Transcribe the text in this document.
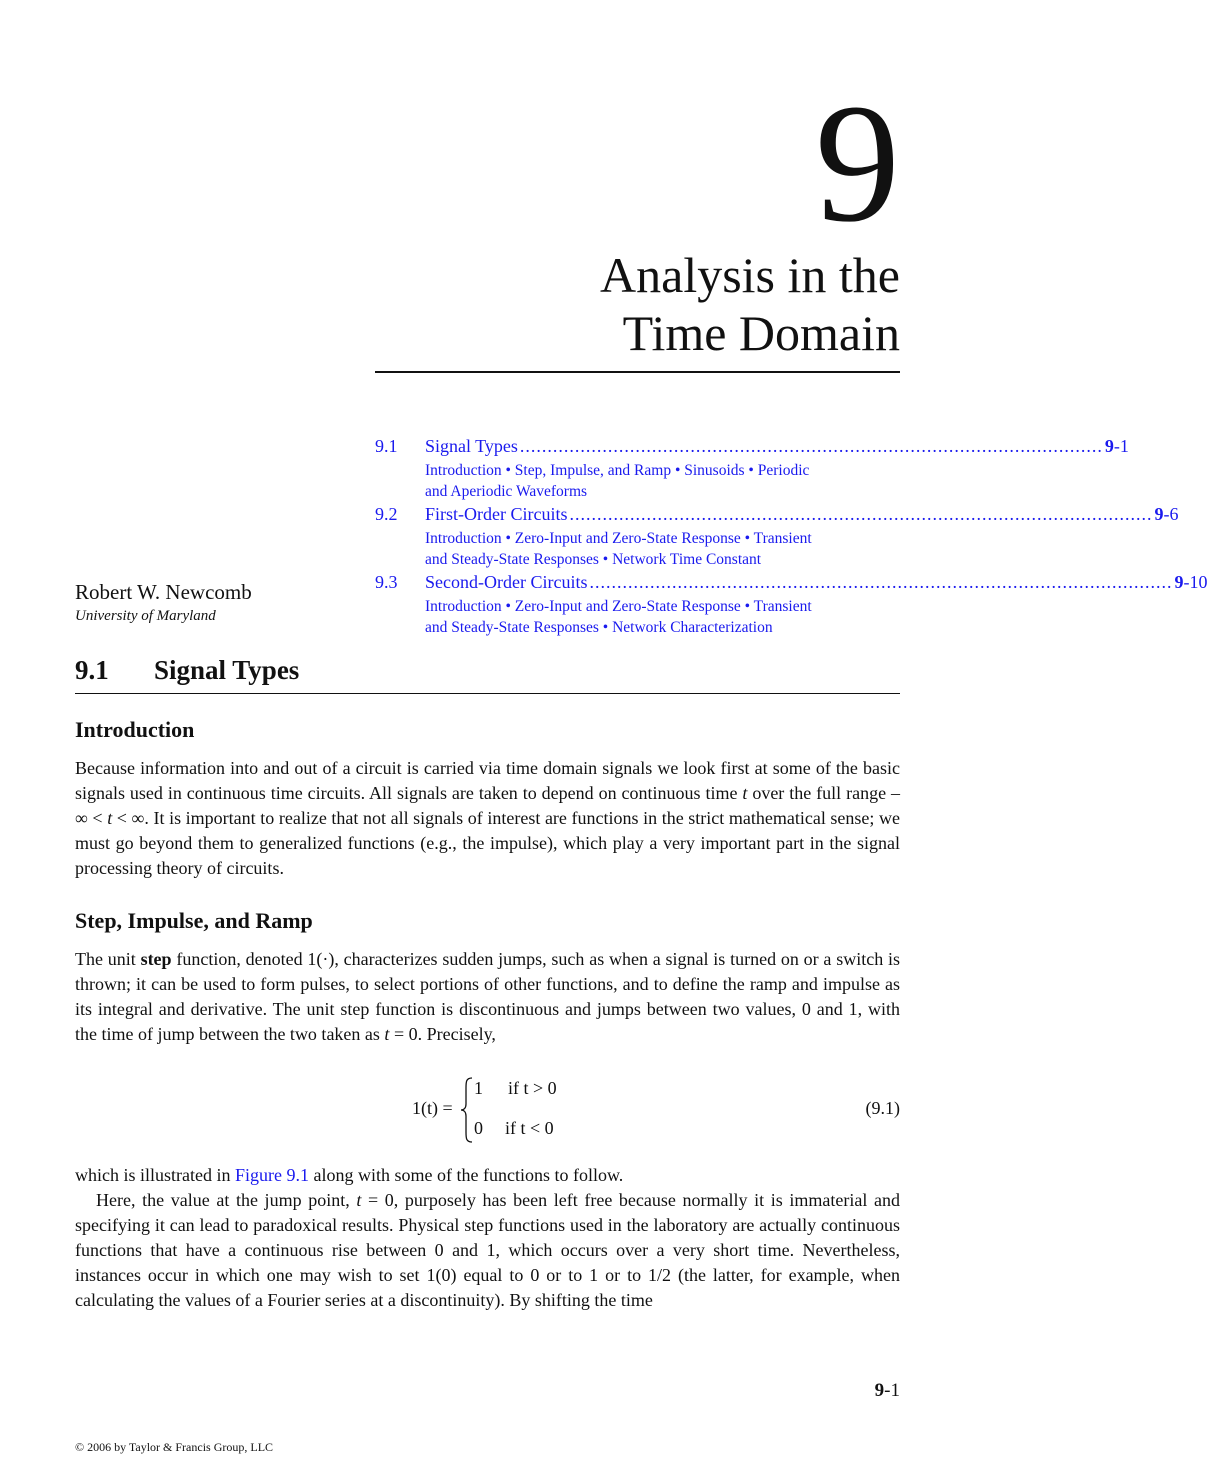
9
Analysis in the
Time Domain
9.1	Signal Types .......................................................................................................... 9-1
Introduction • Step, Impulse, and Ramp • Sinusoids • Periodic
and Aperiodic Waveforms
9.2	First-Order Circuits .......................................................................................................... 9-6
Introduction • Zero-Input and Zero-State Response • Transient
and Steady-State Responses • Network Time Constant
9.3	Second-Order Circuits .......................................................................................................... 9-10
Introduction • Zero-Input and Zero-State Response • Transient
and Steady-State Responses • Network Characterization
Robert W. Newcomb
University of Maryland
9.1 Signal Types
Introduction
Because information into and out of a circuit is carried via time domain signals we look first at some of the basic signals used in continuous time circuits. All signals are taken to depend on continuous time t over the full range –∞ < t < ∞. It is important to realize that not all signals of interest are functions in the strict mathematical sense; we must go beyond them to generalized functions (e.g., the impulse), which play a very important part in the signal processing theory of circuits.
Step, Impulse, and Ramp
The unit step function, denoted 1(·), characterizes sudden jumps, such as when a signal is turned on or a switch is thrown; it can be used to form pulses, to select portions of other functions, and to define the ramp and impulse as its integral and derivative. The unit step function is discontinuous and jumps between two values, 0 and 1, with the time of jump between the two taken as t = 0. Precisely,
1(t) =
1 if t > 0
0 if t < 0
(9.1)
which is illustrated in Figure 9.1 along with some of the functions to follow.
Here, the value at the jump point, t = 0, purposely has been left free because normally it is immaterial and specifying it can lead to paradoxical results. Physical step functions used in the laboratory are actually continuous functions that have a continuous rise between 0 and 1, which occurs over a very short time. Nevertheless, instances occur in which one may wish to set 1(0) equal to 0 or to 1 or to 1/2 (the latter, for example, when calculating the values of a Fourier series at a discontinuity). By shifting the time
9-1
© 2006 by Taylor & Francis Group, LLC
